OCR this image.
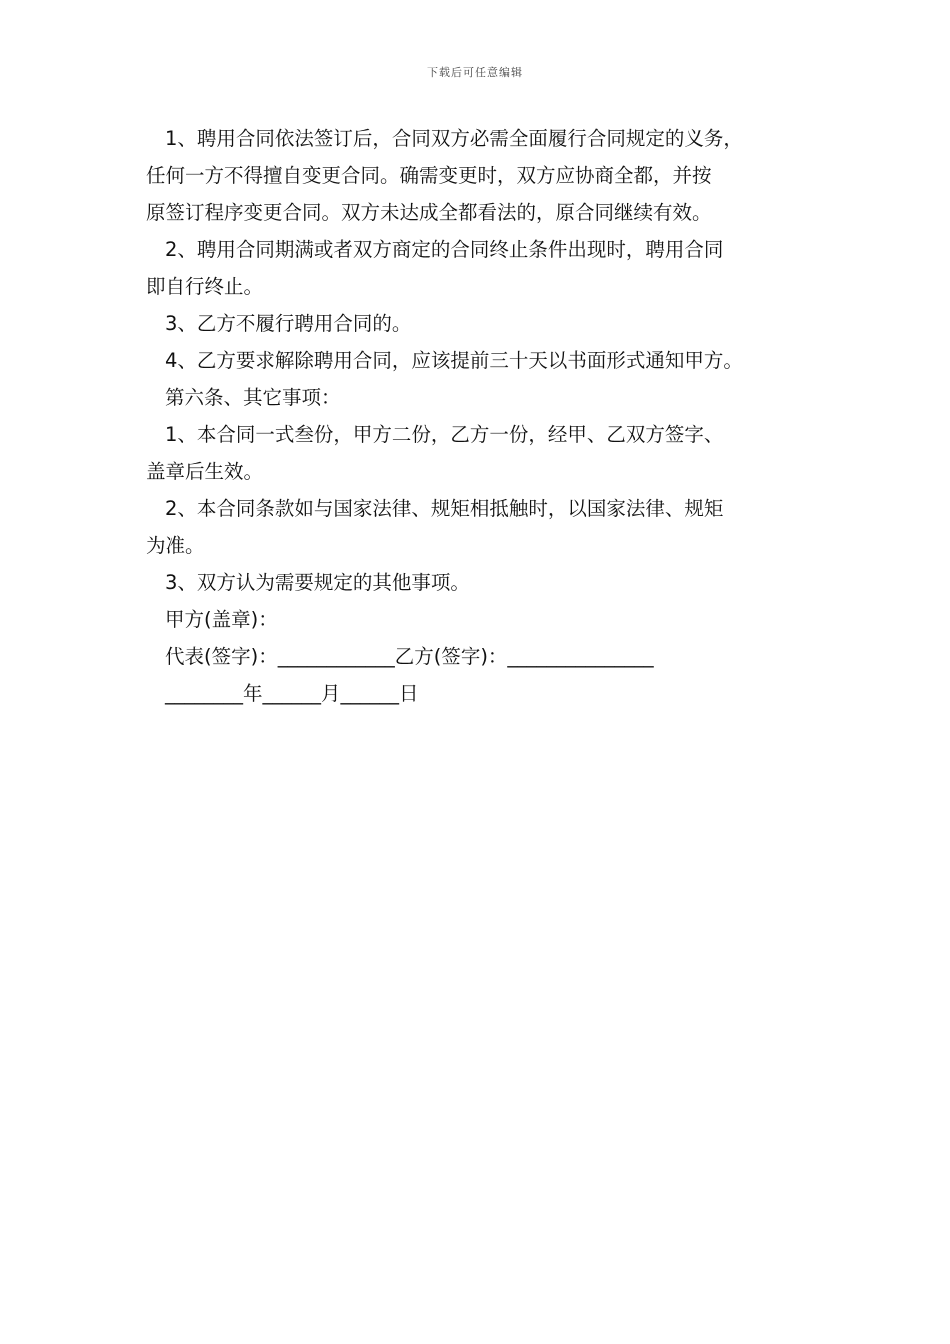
下载后可任意编辑
1、聘用合同依法签订后，合同双方必需全面履行合同规定的义务，
任何一方不得擅自变更合同。确需变更时，双方应协商全都，并按
原签订程序变更合同。双方未达成全都看法的，原合同继续有效。
2、聘用合同期满或者双方商定的合同终止条件出现时，聘用合同
即自行终止。
3、乙方不履行聘用合同的。
4、乙方要求解除聘用合同，应该提前三十天以书面形式通知甲方。
第六条、其它事项：
1、本合同一式叁份，甲方二份，乙方一份，经甲、乙双方签字、
盖章后生效。
2、本合同条款如与国家法律、规矩相抵触时，以国家法律、规矩
为准。
3、双方认为需要规定的其他事项。
甲方(盖章)：
代表(签字)：____________乙方(签字)：_______________
________年______月______日
